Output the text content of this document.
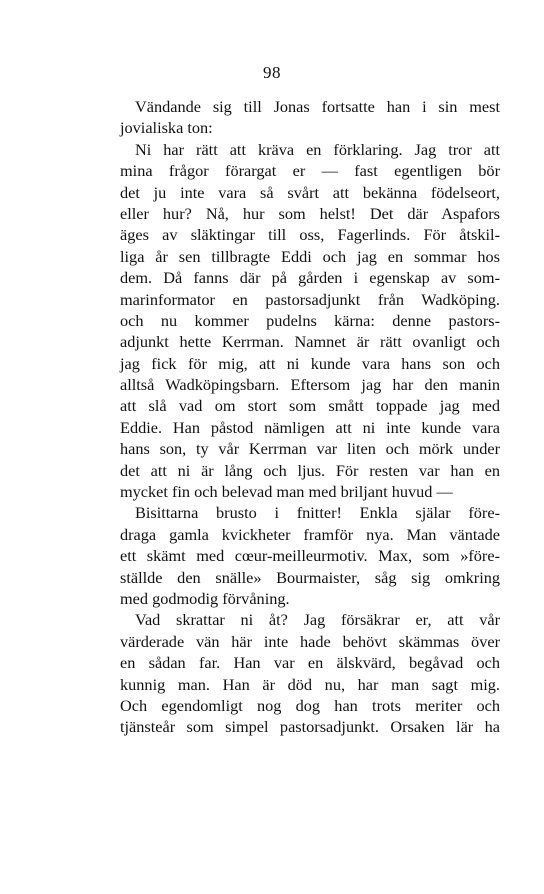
98
Vändande sig till Jonas fortsatte han i sin mest
jovialiska ton:
Ni har rätt att kräva en förklaring. Jag tror att
mina frågor förargat er — fast egentligen bör
det ju inte vara så svårt att bekänna födelseort,
eller hur? Nå, hur som helst! Det där Aspafors
äges av släktingar till oss, Fagerlinds. För åtskil-
liga år sen tillbragte Eddi och jag en sommar hos
dem. Då fanns där på gården i egenskap av som-
marinformator en pastorsadjunkt från Wadköping.
och nu kommer pudelns kärna: denne pastors-
adjunkt hette Kerrman. Namnet är rätt ovanligt och
jag fick för mig, att ni kunde vara hans son och
alltså Wadköpingsbarn. Eftersom jag har den manin
att slå vad om stort som smått toppade jag med
Eddie. Han påstod nämligen att ni inte kunde vara
hans son, ty vår Kerrman var liten och mörk under
det att ni är lång och ljus. För resten var han en
mycket fin och belevad man med briljant huvud —
Bisittarna brusto i fnitter! Enkla själar före-
draga gamla kvickheter framför nya. Man väntade
ett skämt med cœur-meilleurmotiv. Max, som »före-
ställde den snälle» Bourmaister, såg sig omkring
med godmodig förvåning.
Vad skrattar ni åt? Jag försäkrar er, att vår
värderade vän här inte hade behövt skämmas över
en sådan far. Han var en älskvärd, begåvad och
kunnig man. Han är död nu, har man sagt mig.
Och egendomligt nog dog han trots meriter och
tjänsteår som simpel pastorsadjunkt. Orsaken lär ha
